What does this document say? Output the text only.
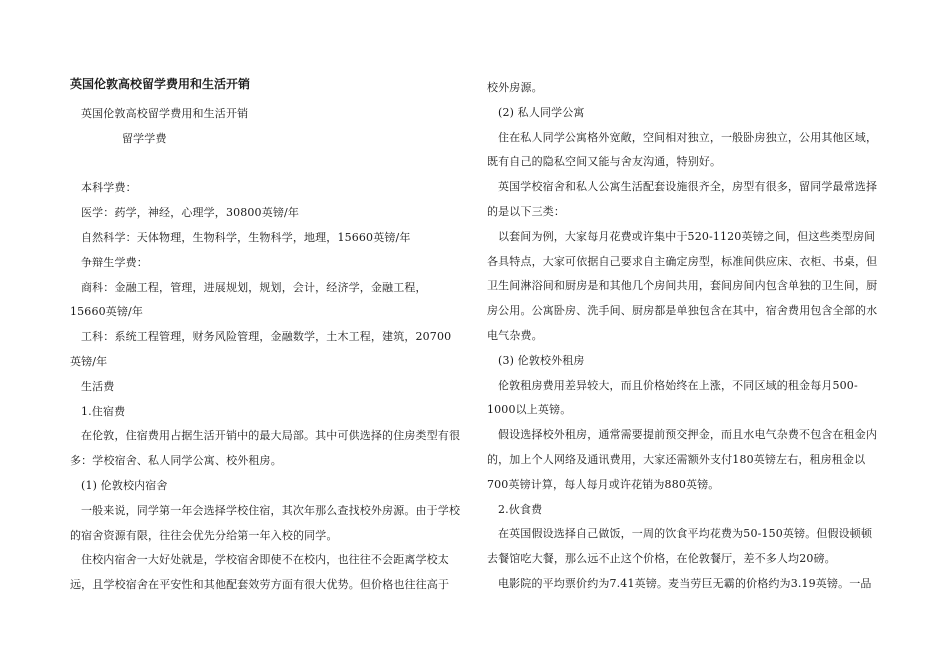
英国伦敦高校留学费用和生活开销

英国伦敦高校留学费用和生活开销

留学学费

本科学费：

医学：药学，神经，心理学，30800英镑/年

自然科学：天体物理，生物科学，生物科学，地理，15660英镑/年

争辩生学费：

商科：金融工程，管理，进展规划，规划，会计，经济学，金融工程，15660英镑/年

工科：系统工程管理，财务风险管理，金融数学，土木工程，建筑，20700英镑/年

生活费

1.住宿费

在伦敦，住宿费用占据生活开销中的最大局部。其中可供选择的住房类型有很多：学校宿舍、私人同学公寓、校外租房。

(1) 伦敦校内宿舍

一般来说，同学第一年会选择学校住宿，其次年那么查找校外房源。由于学校的宿舍资源有限，往往会优先分给第一年入校的同学。

住校内宿舍一大好处就是，学校宿舍即使不在校内，也往往不会距离学校太远，且学校宿舍在平安性和其他配套效劳方面有很大优势。但价格也往往高于

校外房源。

(2) 私人同学公寓

住在私人同学公寓格外宽敞，空间相对独立，一般卧房独立，公用其他区域，既有自己的隐私空间又能与舍友沟通，特别好。

英国学校宿舍和私人公寓生活配套设施很齐全，房型有很多，留同学最常选择的是以下三类：

以套间为例，大家每月花费或许集中于520-1120英镑之间，但这些类型房间各具特点，大家可依据自己要求自主确定房型，标准间供应床、衣柜、书桌，但卫生间淋浴间和厨房是和其他几个房间共用，套间房间内包含单独的卫生间，厨房公用。公寓卧房、洗手间、厨房都是单独包含在其中，宿舍费用包含全部的水电气杂费。

(3) 伦敦校外租房

伦敦租房费用差异较大，而且价格始终在上涨，不同区域的租金每月500-1000以上英镑。

假设选择校外租房，通常需要提前预交押金，而且水电气杂费不包含在租金内的，加上个人网络及通讯费用，大家还需额外支付180英镑左右，租房租金以700英镑计算，每人每月或许花销为880英镑。

2.伙食费

在英国假设选择自己做饭，一周的饮食平均花费为50-150英镑。但假设顿顿去餐馆吃大餐，那么远不止这个价格，在伦敦餐厅，差不多人均20磅。

电影院的平均票价约为7.41英镑。麦当劳巨无霸的价格约为3.19英镑。一品
